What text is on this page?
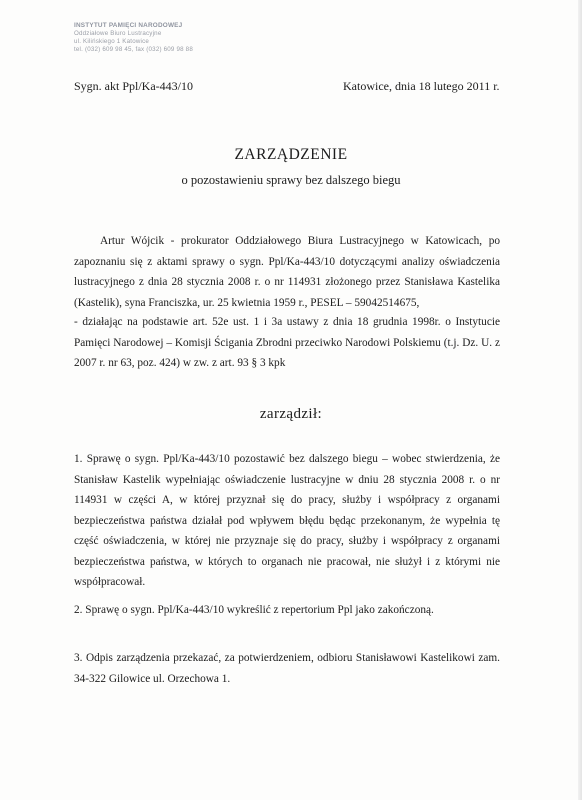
INSTYTUT PAMIĘCI NARODOWEJ
Oddziałowe Biuro Lustracyjne
ul. Kilińskiego 1 Katowice
tel. (032) 609 98 45, fax (032) 609 98 88
Sygn. akt Ppl/Ka-443/10	Katowice, dnia 18 lutego 2011 r.
ZARZĄDZENIE
o pozostawieniu sprawy bez dalszego biegu
Artur Wójcik - prokurator Oddziałowego Biura Lustracyjnego w Katowicach, po zapoznaniu się z aktami sprawy o sygn. Ppl/Ka-443/10 dotyczącymi analizy oświadczenia lustracyjnego z dnia 28 stycznia 2008 r. o nr 114931 złożonego przez Stanisława Kastelika (Kastelik), syna Franciszka, ur. 25 kwietnia 1959 r., PESEL – 59042514675,
- działając na podstawie art. 52e ust. 1 i 3a ustawy z dnia 18 grudnia 1998r. o Instytucie Pamięci Narodowej – Komisji Ścigania Zbrodni przeciwko Narodowi Polskiemu (t.j. Dz. U. z 2007 r. nr 63, poz. 424) w zw. z art. 93 § 3 kpk
zarządził:
1. Sprawę o sygn. Ppl/Ka-443/10 pozostawić bez dalszego biegu – wobec stwierdzenia, że Stanisław Kastelik wypełniając oświadczenie lustracyjne w dniu 28 stycznia 2008 r. o nr 114931 w części A, w której przyznał się do pracy, służby i współpracy z organami bezpieczeństwa państwa działał pod wpływem błędu będąc przekonanym, że wypełnia tę część oświadczenia, w której nie przyznaje się do pracy, służby i współpracy z organami bezpieczeństwa państwa, w których to organach nie pracował, nie służył i z którymi nie współpracował.
2. Sprawę o sygn. Ppl/Ka-443/10 wykreślić z repertorium Ppl jako zakończoną.
3. Odpis zarządzenia przekazać, za potwierdzeniem, odbioru Stanisławowi Kastelikowi zam. 34-322 Gilowice ul. Orzechowa 1.
